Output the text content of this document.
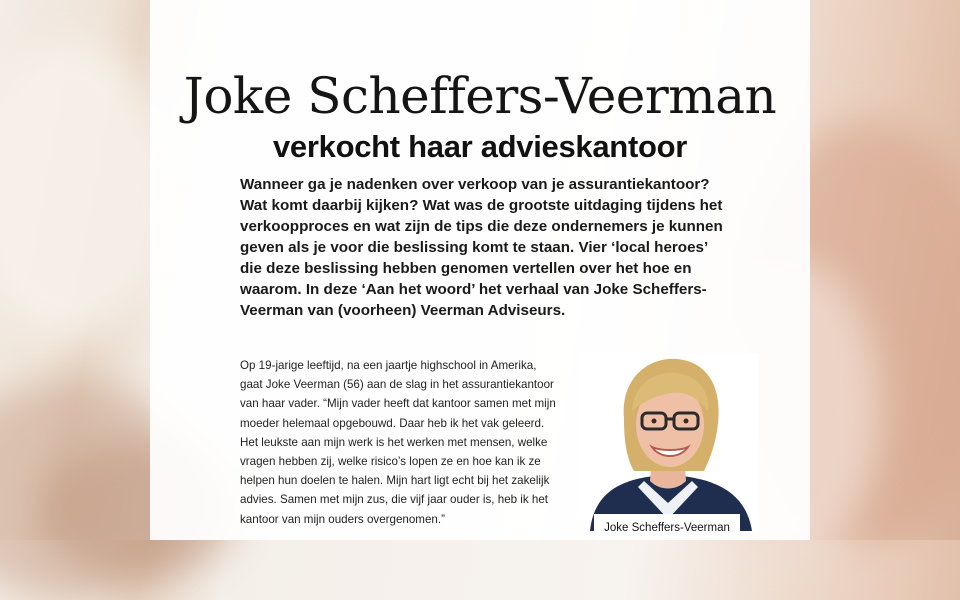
Joke Scheffers-Veerman
verkocht haar advieskantoor

Wanneer ga je nadenken over verkoop van je assurantiekantoor? Wat komt daarbij kijken? Wat was de grootste uitdaging tijdens het verkoopproces en wat zijn de tips die deze ondernemers je kunnen geven als je voor die beslissing komt te staan. Vier ‘local heroes’ die deze beslissing hebben genomen vertellen over het hoe en waarom. In deze ‘Aan het woord’ het verhaal van Joke Scheffers-Veerman van (voorheen) Veerman Adviseurs.

Op 19-jarige leeftijd, na een jaartje highschool in Amerika, gaat Joke Veerman (56) aan de slag in het assurantiekantoor van haar vader. “Mijn vader heeft dat kantoor samen met mijn moeder helemaal opgebouwd. Daar heb ik het vak geleerd. Het leukste aan mijn werk is het werken met mensen, welke vragen hebben zij, welke risico’s lopen ze en hoe kan ik ze helpen hun doelen te halen. Mijn hart ligt echt bij het zakelijk advies. Samen met mijn zus, die vijf jaar ouder is, heb ik het kantoor van mijn ouders overgenomen.”

Joke Scheffers-Veerman
